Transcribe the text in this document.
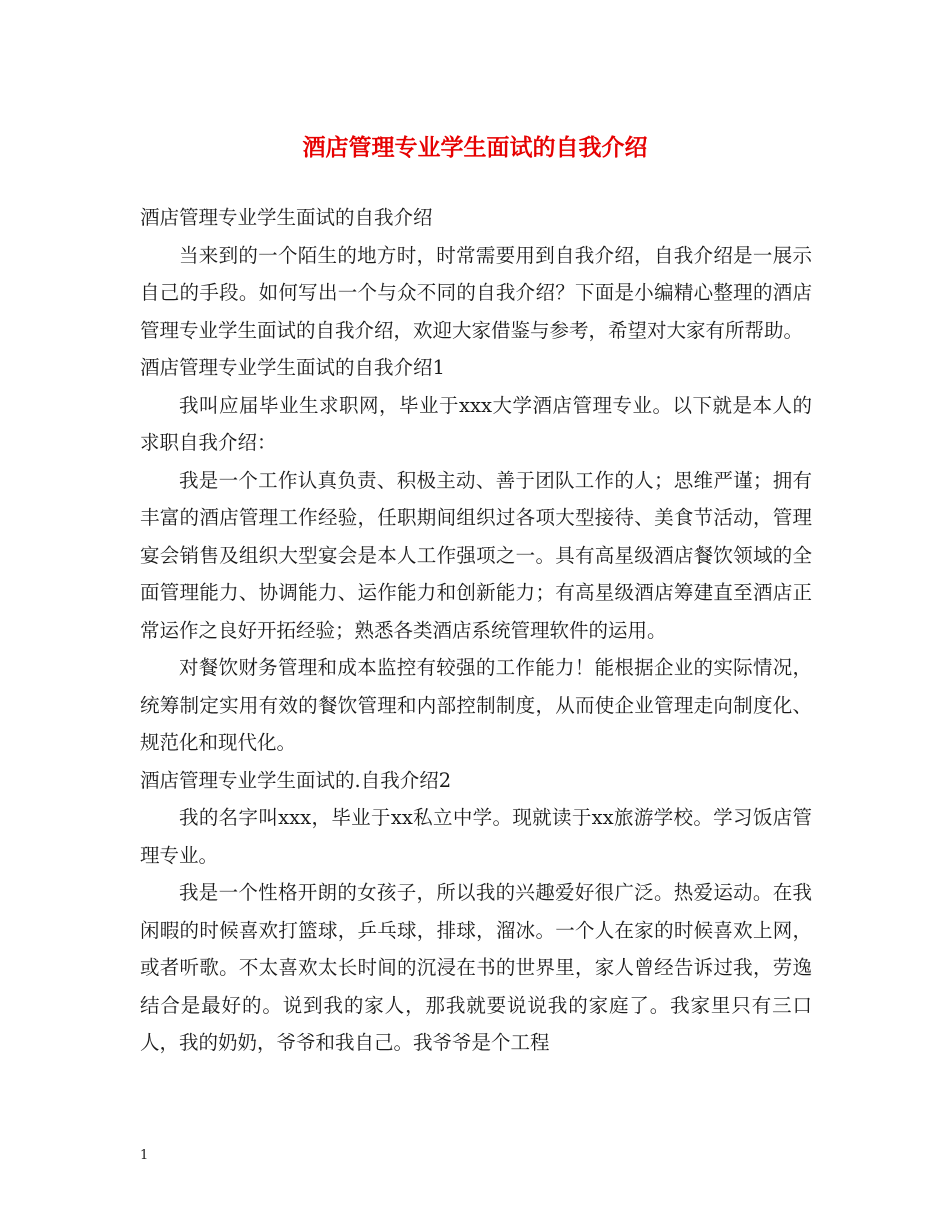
酒店管理专业学生面试的自我介绍

酒店管理专业学生面试的自我介绍

当来到的一个陌生的地方时，时常需要用到自我介绍，自我介绍是一展示自己的手段。如何写出一个与众不同的自我介绍？下面是小编精心整理的酒店管理专业学生面试的自我介绍，欢迎大家借鉴与参考，希望对大家有所帮助。

酒店管理专业学生面试的自我介绍1

我叫应届毕业生求职网，毕业于xxx大学酒店管理专业。以下就是本人的求职自我介绍：

我是一个工作认真负责、积极主动、善于团队工作的人；思维严谨；拥有丰富的酒店管理工作经验，任职期间组织过各项大型接待、美食节活动，管理宴会销售及组织大型宴会是本人工作强项之一。具有高星级酒店餐饮领域的全面管理能力、协调能力、运作能力和创新能力；有高星级酒店筹建直至酒店正常运作之良好开拓经验；熟悉各类酒店系统管理软件的运用。

对餐饮财务管理和成本监控有较强的工作能力！能根据企业的实际情况，统筹制定实用有效的餐饮管理和内部控制制度，从而使企业管理走向制度化、规范化和现代化。

酒店管理专业学生面试的.自我介绍2

我的名字叫xxx，毕业于xx私立中学。现就读于xx旅游学校。学习饭店管理专业。

我是一个性格开朗的女孩子，所以我的兴趣爱好很广泛。热爱运动。在我闲暇的时候喜欢打篮球，乒乓球，排球，溜冰。一个人在家的时候喜欢上网，或者听歌。不太喜欢太长时间的沉浸在书的世界里，家人曾经告诉过我，劳逸结合是最好的。说到我的家人，那我就要说说我的家庭了。我家里只有三口人，我的奶奶，爷爷和我自己。我爷爷是个工程

1
